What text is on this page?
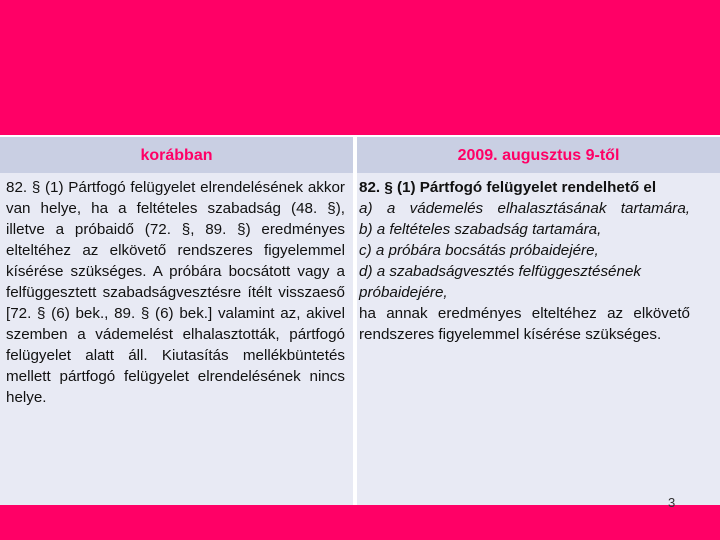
korábban	2009. augusztus 9-től

82. § (1) Pártfogó felügyelet elrendelésének akkor van helye, ha a feltételes szabadság (48. §), illetve a próbaidő (72. §, 89. §) eredményes elteltéhez az elkövető rendszeres figyelemmel kísérése szükséges. A próbára bocsátott vagy a felfüggesztett szabadságvesztésre ítélt visszaeső [72. § (6) bek., 89. § (6) bek.] valamint az, akivel szemben a vádemelést elhalasztották, pártfogó felügyelet alatt áll. Kiutasítás mellékbüntetés mellett pártfogó felügyelet elrendelésének nincs helye.

82. § (1) Pártfogó felügyelet rendelhető el

a) a vádemelés elhalasztásának tartamára,
b) a feltételes szabadság tartamára,
c) a próbára bocsátás próbaidejére,
d) a szabadságvesztés felfüggesztésének próbaidejére,

ha annak eredményes elteltéhez az elkövető rendszeres figyelemmel kísérése szükséges.

3
